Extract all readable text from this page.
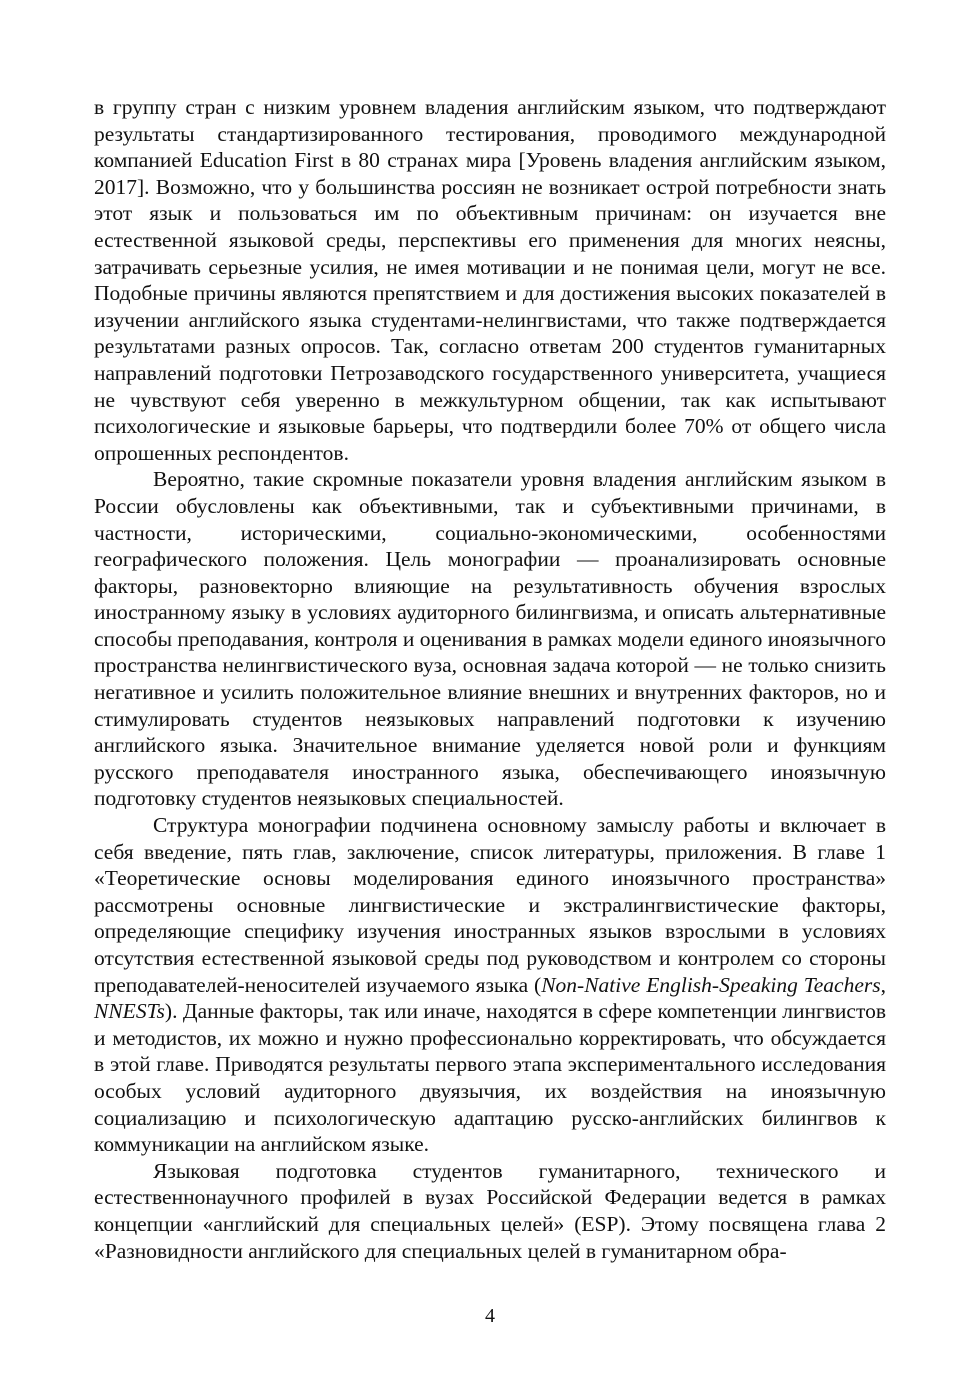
в группу стран с низким уровнем владения английским языком, что подтверждают результаты стандартизированного тестирования, проводимого международной компанией Education First в 80 странах мира [Уровень владения английским языком, 2017]. Возможно, что у большинства россиян не возникает острой потребности знать этот язык и пользоваться им по объективным причинам: он изучается вне естественной языковой среды, перспективы его применения для многих неясны, затрачивать серьезные усилия, не имея мотивации и не понимая цели, могут не все. Подобные причины являются препятствием и для достижения высоких показателей в изучении английского языка студентами-нелингвистами, что также подтверждается результатами разных опросов. Так, согласно ответам 200 студентов гуманитарных направлений подготовки Петрозаводского государственного университета, учащиеся не чувствуют себя уверенно в межкультурном общении, так как испытывают психологические и языковые барьеры, что подтвердили более 70% от общего числа опрошенных респондентов.

Вероятно, такие скромные показатели уровня владения английским языком в России обусловлены как объективными, так и субъективными причинами, в частности, историческими, социально-экономическими, особенностями географического положения. Цель монографии — проанализировать основные факторы, разновекторно влияющие на результативность обучения взрослых иностранному языку в условиях аудиторного билингвизма, и описать альтернативные способы преподавания, контроля и оценивания в рамках модели единого иноязычного пространства нелингвистического вуза, основная задача которой — не только снизить негативное и усилить положительное влияние внешних и внутренних факторов, но и стимулировать студентов неязыковых направлений подготовки к изучению английского языка. Значительное внимание уделяется новой роли и функциям русского преподавателя иностранного языка, обеспечивающего иноязычную подготовку студентов неязыковых специальностей.

Структура монографии подчинена основному замыслу работы и включает в себя введение, пять глав, заключение, список литературы, приложения. В главе 1 «Теоретические основы моделирования единого иноязычного пространства» рассмотрены основные лингвистические и экстралингвистические факторы, определяющие специфику изучения иностранных языков взрослыми в условиях отсутствия естественной языковой среды под руководством и контролем со стороны преподавателей-неносителей изучаемого языка (Non-Native English-Speaking Teachers, NNESTs). Данные факторы, так или иначе, находятся в сфере компетенции лингвистов и методистов, их можно и нужно профессионально корректировать, что обсуждается в этой главе. Приводятся результаты первого этапа экспериментального исследования особых условий аудиторного двуязычия, их воздействия на иноязычную социализацию и психологическую адаптацию русско-английских билингвов к коммуникации на английском языке.

Языковая подготовка студентов гуманитарного, технического и естественнонаучного профилей в вузах Российской Федерации ведется в рамках концепции «английский для специальных целей» (ESP). Этому посвящена глава 2 «Разновидности английского для специальных целей в гуманитарном обра-

4
